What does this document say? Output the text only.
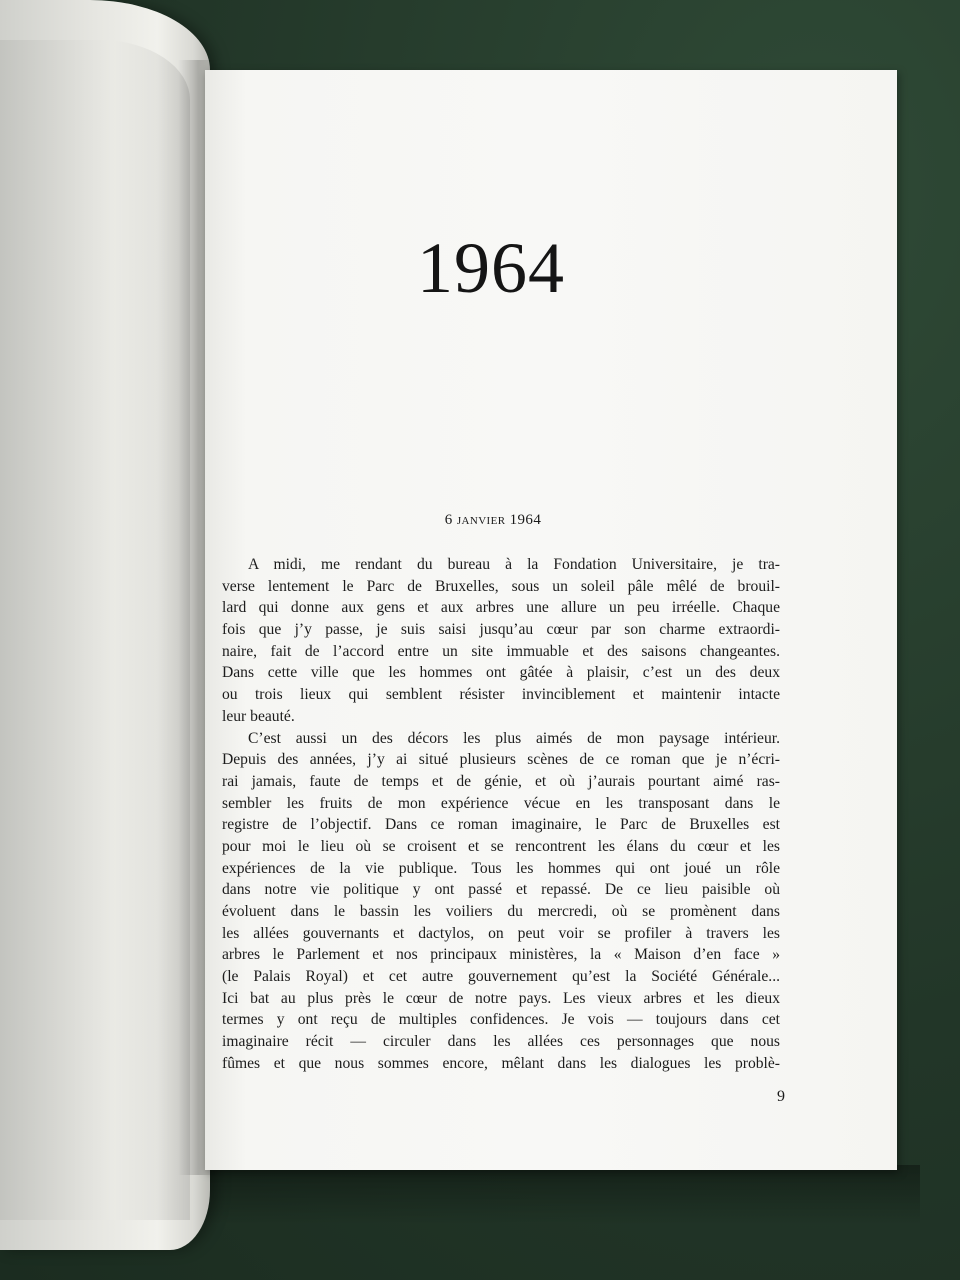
1964
6 janvier 1964
A midi, me rendant du bureau à la Fondation Universitaire, je tra-
verse lentement le Parc de Bruxelles, sous un soleil pâle mêlé de brouil-
lard qui donne aux gens et aux arbres une allure un peu irréelle. Chaque
fois que j’y passe, je suis saisi jusqu’au cœur par son charme extraordi-
naire, fait de l’accord entre un site immuable et des saisons changeantes.
Dans cette ville que les hommes ont gâtée à plaisir, c’est un des deux
ou trois lieux qui semblent résister invinciblement et maintenir intacte
leur beauté.
C’est aussi un des décors les plus aimés de mon paysage intérieur.
Depuis des années, j’y ai situé plusieurs scènes de ce roman que je n’écri-
rai jamais, faute de temps et de génie, et où j’aurais pourtant aimé ras-
sembler les fruits de mon expérience vécue en les transposant dans le
registre de l’objectif. Dans ce roman imaginaire, le Parc de Bruxelles est
pour moi le lieu où se croisent et se rencontrent les élans du cœur et les
expériences de la vie publique. Tous les hommes qui ont joué un rôle
dans notre vie politique y ont passé et repassé. De ce lieu paisible où
évoluent dans le bassin les voiliers du mercredi, où se promènent dans
les allées gouvernants et dactylos, on peut voir se profiler à travers les
arbres le Parlement et nos principaux ministères, la « Maison d’en face »
(le Palais Royal) et cet autre gouvernement qu’est la Société Générale...
Ici bat au plus près le cœur de notre pays. Les vieux arbres et les dieux
termes y ont reçu de multiples confidences. Je vois — toujours dans cet
imaginaire récit — circuler dans les allées ces personnages que nous
fûmes et que nous sommes encore, mêlant dans les dialogues les problè-
9
